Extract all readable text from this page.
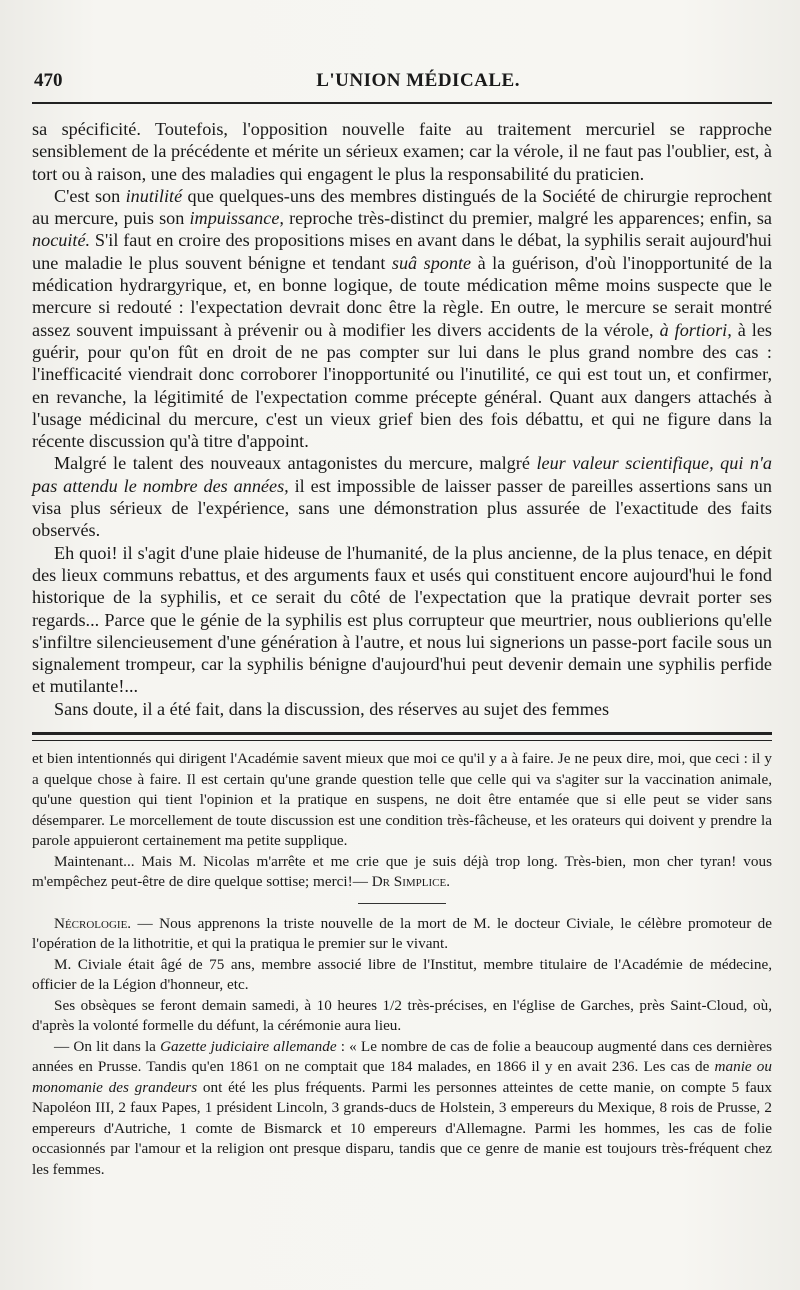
470	L'UNION MÉDICALE.

sa spécificité. Toutefois, l'opposition nouvelle faite au traitement mercuriel se rapproche sensiblement de la précédente et mérite un sérieux examen; car la vérole, il ne faut pas l'oublier, est, à tort ou à raison, une des maladies qui engagent le plus la responsabilité du praticien.

C'est son inutilité que quelques-uns des membres distingués de la Société de chirurgie reprochent au mercure, puis son impuissance, reproche très-distinct du premier, malgré les apparences; enfin, sa nocuité. S'il faut en croire des propositions mises en avant dans le débat, la syphilis serait aujourd'hui une maladie le plus souvent bénigne et tendant suâ sponte à la guérison, d'où l'inopportunité de la médication hydrargyrique, et, en bonne logique, de toute médication même moins suspecte que le mercure si redouté : l'expectation devrait donc être la règle. En outre, le mercure se serait montré assez souvent impuissant à prévenir ou à modifier les divers accidents de la vérole, à fortiori, à les guérir, pour qu'on fût en droit de ne pas compter sur lui dans le plus grand nombre des cas : l'inefficacité viendrait donc corroborer l'inopportunité ou l'inutilité, ce qui est tout un, et confirmer, en revanche, la légitimité de l'expectation comme précepte général. Quant aux dangers attachés à l'usage médicinal du mercure, c'est un vieux grief bien des fois débattu, et qui ne figure dans la récente discussion qu'à titre d'appoint.

Malgré le talent des nouveaux antagonistes du mercure, malgré leur valeur scientifique, qui n'a pas attendu le nombre des années, il est impossible de laisser passer de pareilles assertions sans un visa plus sérieux de l'expérience, sans une démonstration plus assurée de l'exactitude des faits observés.

Eh quoi! il s'agit d'une plaie hideuse de l'humanité, de la plus ancienne, de la plus tenace, en dépit des lieux communs rebattus, et des arguments faux et usés qui constituent encore aujourd'hui le fond historique de la syphilis, et ce serait du côté de l'expectation que la pratique devrait porter ses regards... Parce que le génie de la syphilis est plus corrupteur que meurtrier, nous oublierions qu'elle s'infiltre silencieusement d'une génération à l'autre, et nous lui signerions un passe-port facile sous un signalement trompeur, car la syphilis bénigne d'aujourd'hui peut devenir demain une syphilis perfide et mutilante!...

Sans doute, il a été fait, dans la discussion, des réserves au sujet des femmes

et bien intentionnés qui dirigent l'Académie savent mieux que moi ce qu'il y a à faire. Je ne peux dire, moi, que ceci : il y a quelque chose à faire. Il est certain qu'une grande question telle que celle qui va s'agiter sur la vaccination animale, qu'une question qui tient l'opinion et la pratique en suspens, ne doit être entamée que si elle peut se vider sans désemparer. Le morcellement de toute discussion est une condition très-fâcheuse, et les orateurs qui doivent y prendre la parole appuieront certainement ma petite supplique.

Maintenant... Mais M. Nicolas m'arrête et me crie que je suis déjà trop long. Très-bien, mon cher tyran! vous m'empêchez peut-être de dire quelque sottise; merci!— Dr Simplice.

Nécrologie. — Nous apprenons la triste nouvelle de la mort de M. le docteur Civiale, le célèbre promoteur de l'opération de la lithotritie, et qui la pratiqua le premier sur le vivant.

M. Civiale était âgé de 75 ans, membre associé libre de l'Institut, membre titulaire de l'Académie de médecine, officier de la Légion d'honneur, etc.

Ses obsèques se feront demain samedi, à 10 heures 1/2 très-précises, en l'église de Garches, près Saint-Cloud, où, d'après la volonté formelle du défunt, la cérémonie aura lieu.

— On lit dans la Gazette judiciaire allemande : « Le nombre de cas de folie a beaucoup augmenté dans ces dernières années en Prusse. Tandis qu'en 1861 on ne comptait que 184 malades, en 1866 il y en avait 236. Les cas de manie ou monomanie des grandeurs ont été les plus fréquents. Parmi les personnes atteintes de cette manie, on compte 5 faux Napoléon III, 2 faux Papes, 1 président Lincoln, 3 grands-ducs de Holstein, 3 empereurs du Mexique, 8 rois de Prusse, 2 empereurs d'Autriche, 1 comte de Bismarck et 10 empereurs d'Allemagne. Parmi les hommes, les cas de folie occasionnés par l'amour et la religion ont presque disparu, tandis que ce genre de manie est toujours très-fréquent chez les femmes.
